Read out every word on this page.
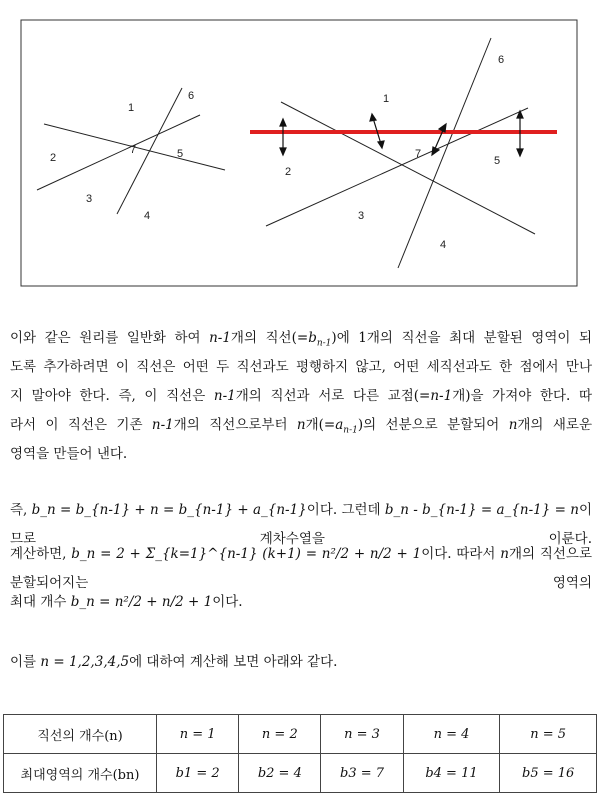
1
2
3
4
5
6
7
1
2
3
4
5
6
7
이와 같은 원리를 일반화 하여 n-1개의 직선$(=b_{n-1})$에 1개의 직선을 최대 분할된 영역이 되
도록 추가하려면 이 직선은 어떤 두 직선과도 평행하지 않고, 어떤 세직선과도 한 점에서 만나
지 말아야 한다. 즉, 이 직선은 n-1개의 직선과 서로 다른 교점(=n-1개)을 가져야 한다. 따
라서 이 직선은 기존 n-1개의 직선으로부터 n개$(=a_{n-1})$의 선분으로 분할되어 n개의 새로운
영역을 만들어 낸다.
즉, b_n = b_{n-1} + n = b_{n-1} + a_{n-1}이다. 그런데 b_n - b_{n-1} = a_{n-1} = n이므로 계차수열을 이룬다.
계산하면, b_n = 2 + Σ_{k=1}^{n-1} (k+1) = n²/2 + n/2 + 1이다. 따라서 n개의 직선으로 분할되어지는 영역의
최대 개수 b_n = n²/2 + n/2 + 1이다.
이를 n = 1,2,3,4,5에 대하여 계산해 보면 아래와 같다.
직선의 개수(n)	n = 1	n = 2	n = 3	n = 4	n = 5
최대영역의 개수(bn)	b1 = 2	b2 = 4	b3 = 7	b4 = 11	b5 = 16
